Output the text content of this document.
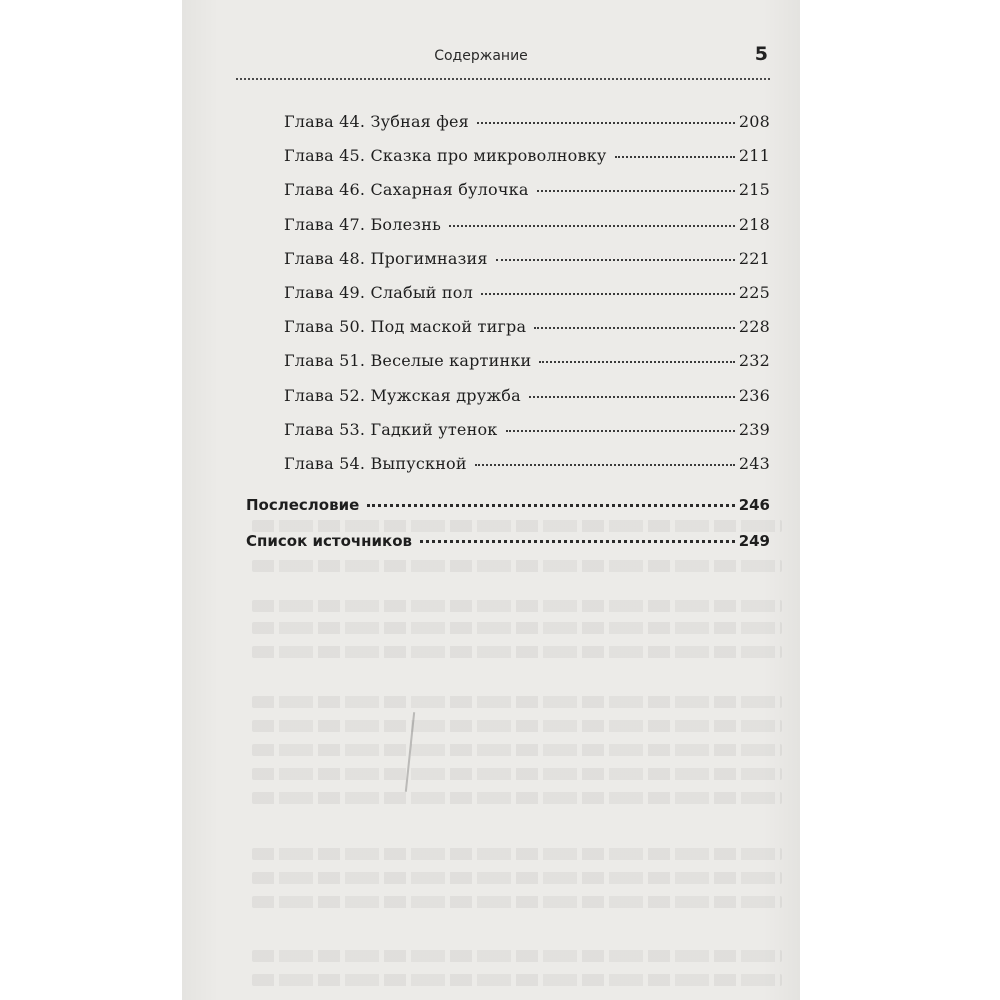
Содержание	5
Глава 44. Зубная фея	208
Глава 45. Сказка про микроволновку	211
Глава 46. Сахарная булочка	215
Глава 47. Болезнь	218
Глава 48. Прогимназия	221
Глава 49. Слабый пол	225
Глава 50. Под маской тигра	228
Глава 51. Веселые картинки	232
Глава 52. Мужская дружба	236
Глава 53. Гадкий утенок	239
Глава 54. Выпускной	243
Послесловие	246
Список источников	249
